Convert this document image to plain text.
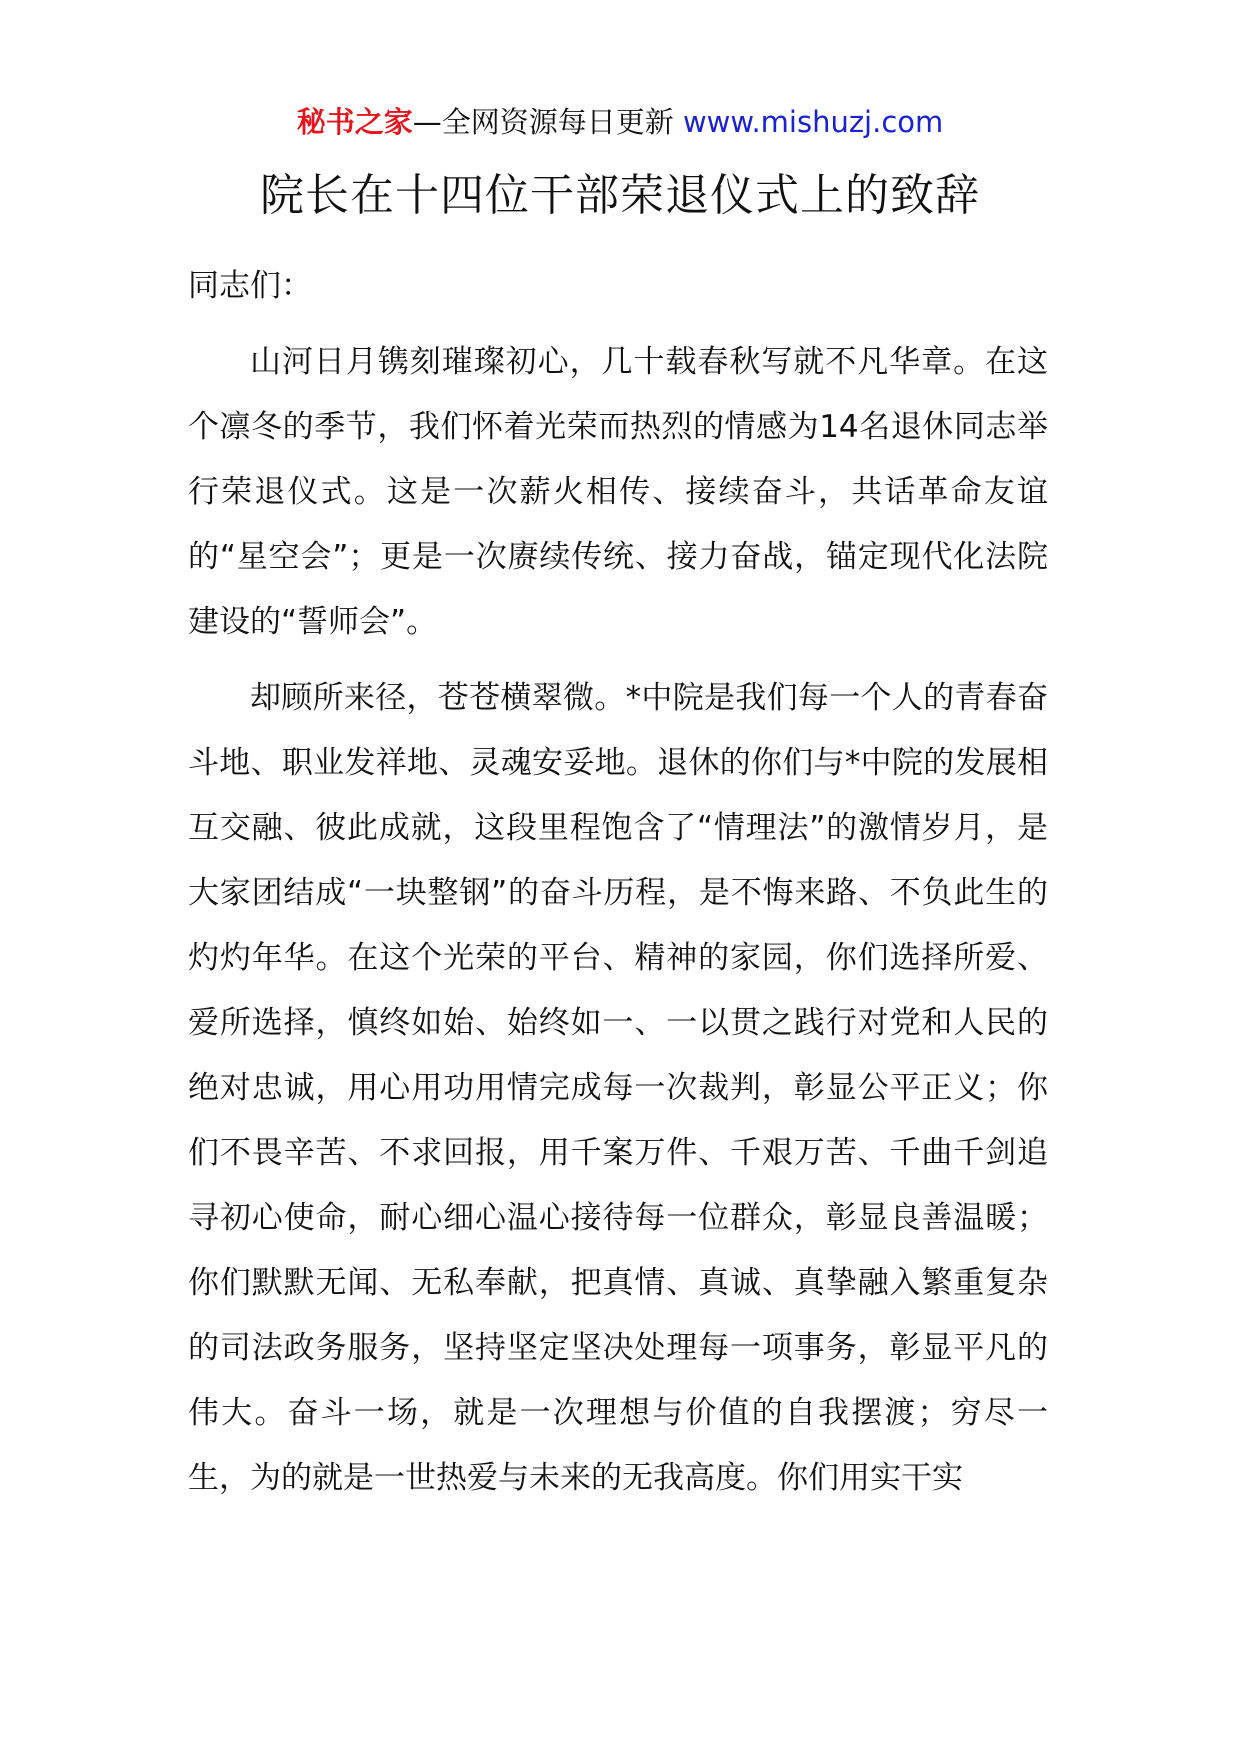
秘书之家—全网资源每日更新 www.mishuzj.com
院长在十四位干部荣退仪式上的致辞

同志们：

山河日月镌刻璀璨初心，几十载春秋写就不凡华章。在这个凛冬的季节，我们怀着光荣而热烈的情感为14名退休同志举行荣退仪式。这是一次薪火相传、接续奋斗，共话革命友谊的“星空会”；更是一次赓续传统、接力奋战，锚定现代化法院建设的“誓师会”。

却顾所来径，苍苍横翠微。*中院是我们每一个人的青春奋斗地、职业发祥地、灵魂安妥地。退休的你们与*中院的发展相互交融、彼此成就，这段里程饱含了“情理法”的激情岁月，是大家团结成“一块整钢”的奋斗历程，是不悔来路、不负此生的灼灼年华。在这个光荣的平台、精神的家园，你们选择所爱、爱所选择，慎终如始、始终如一、一以贯之践行对党和人民的绝对忠诚，用心用功用情完成每一次裁判，彰显公平正义；你们不畏辛苦、不求回报，用千案万件、千艰万苦、千曲千剑追寻初心使命，耐心细心温心接待每一位群众，彰显良善温暖；你们默默无闻、无私奉献，把真情、真诚、真挚融入繁重复杂的司法政务服务，坚持坚定坚决处理每一项事务，彰显平凡的伟大。奋斗一场，就是一次理想与价值的自我摆渡；穷尽一生，为的就是一世热爱与未来的无我高度。你们用实干实
